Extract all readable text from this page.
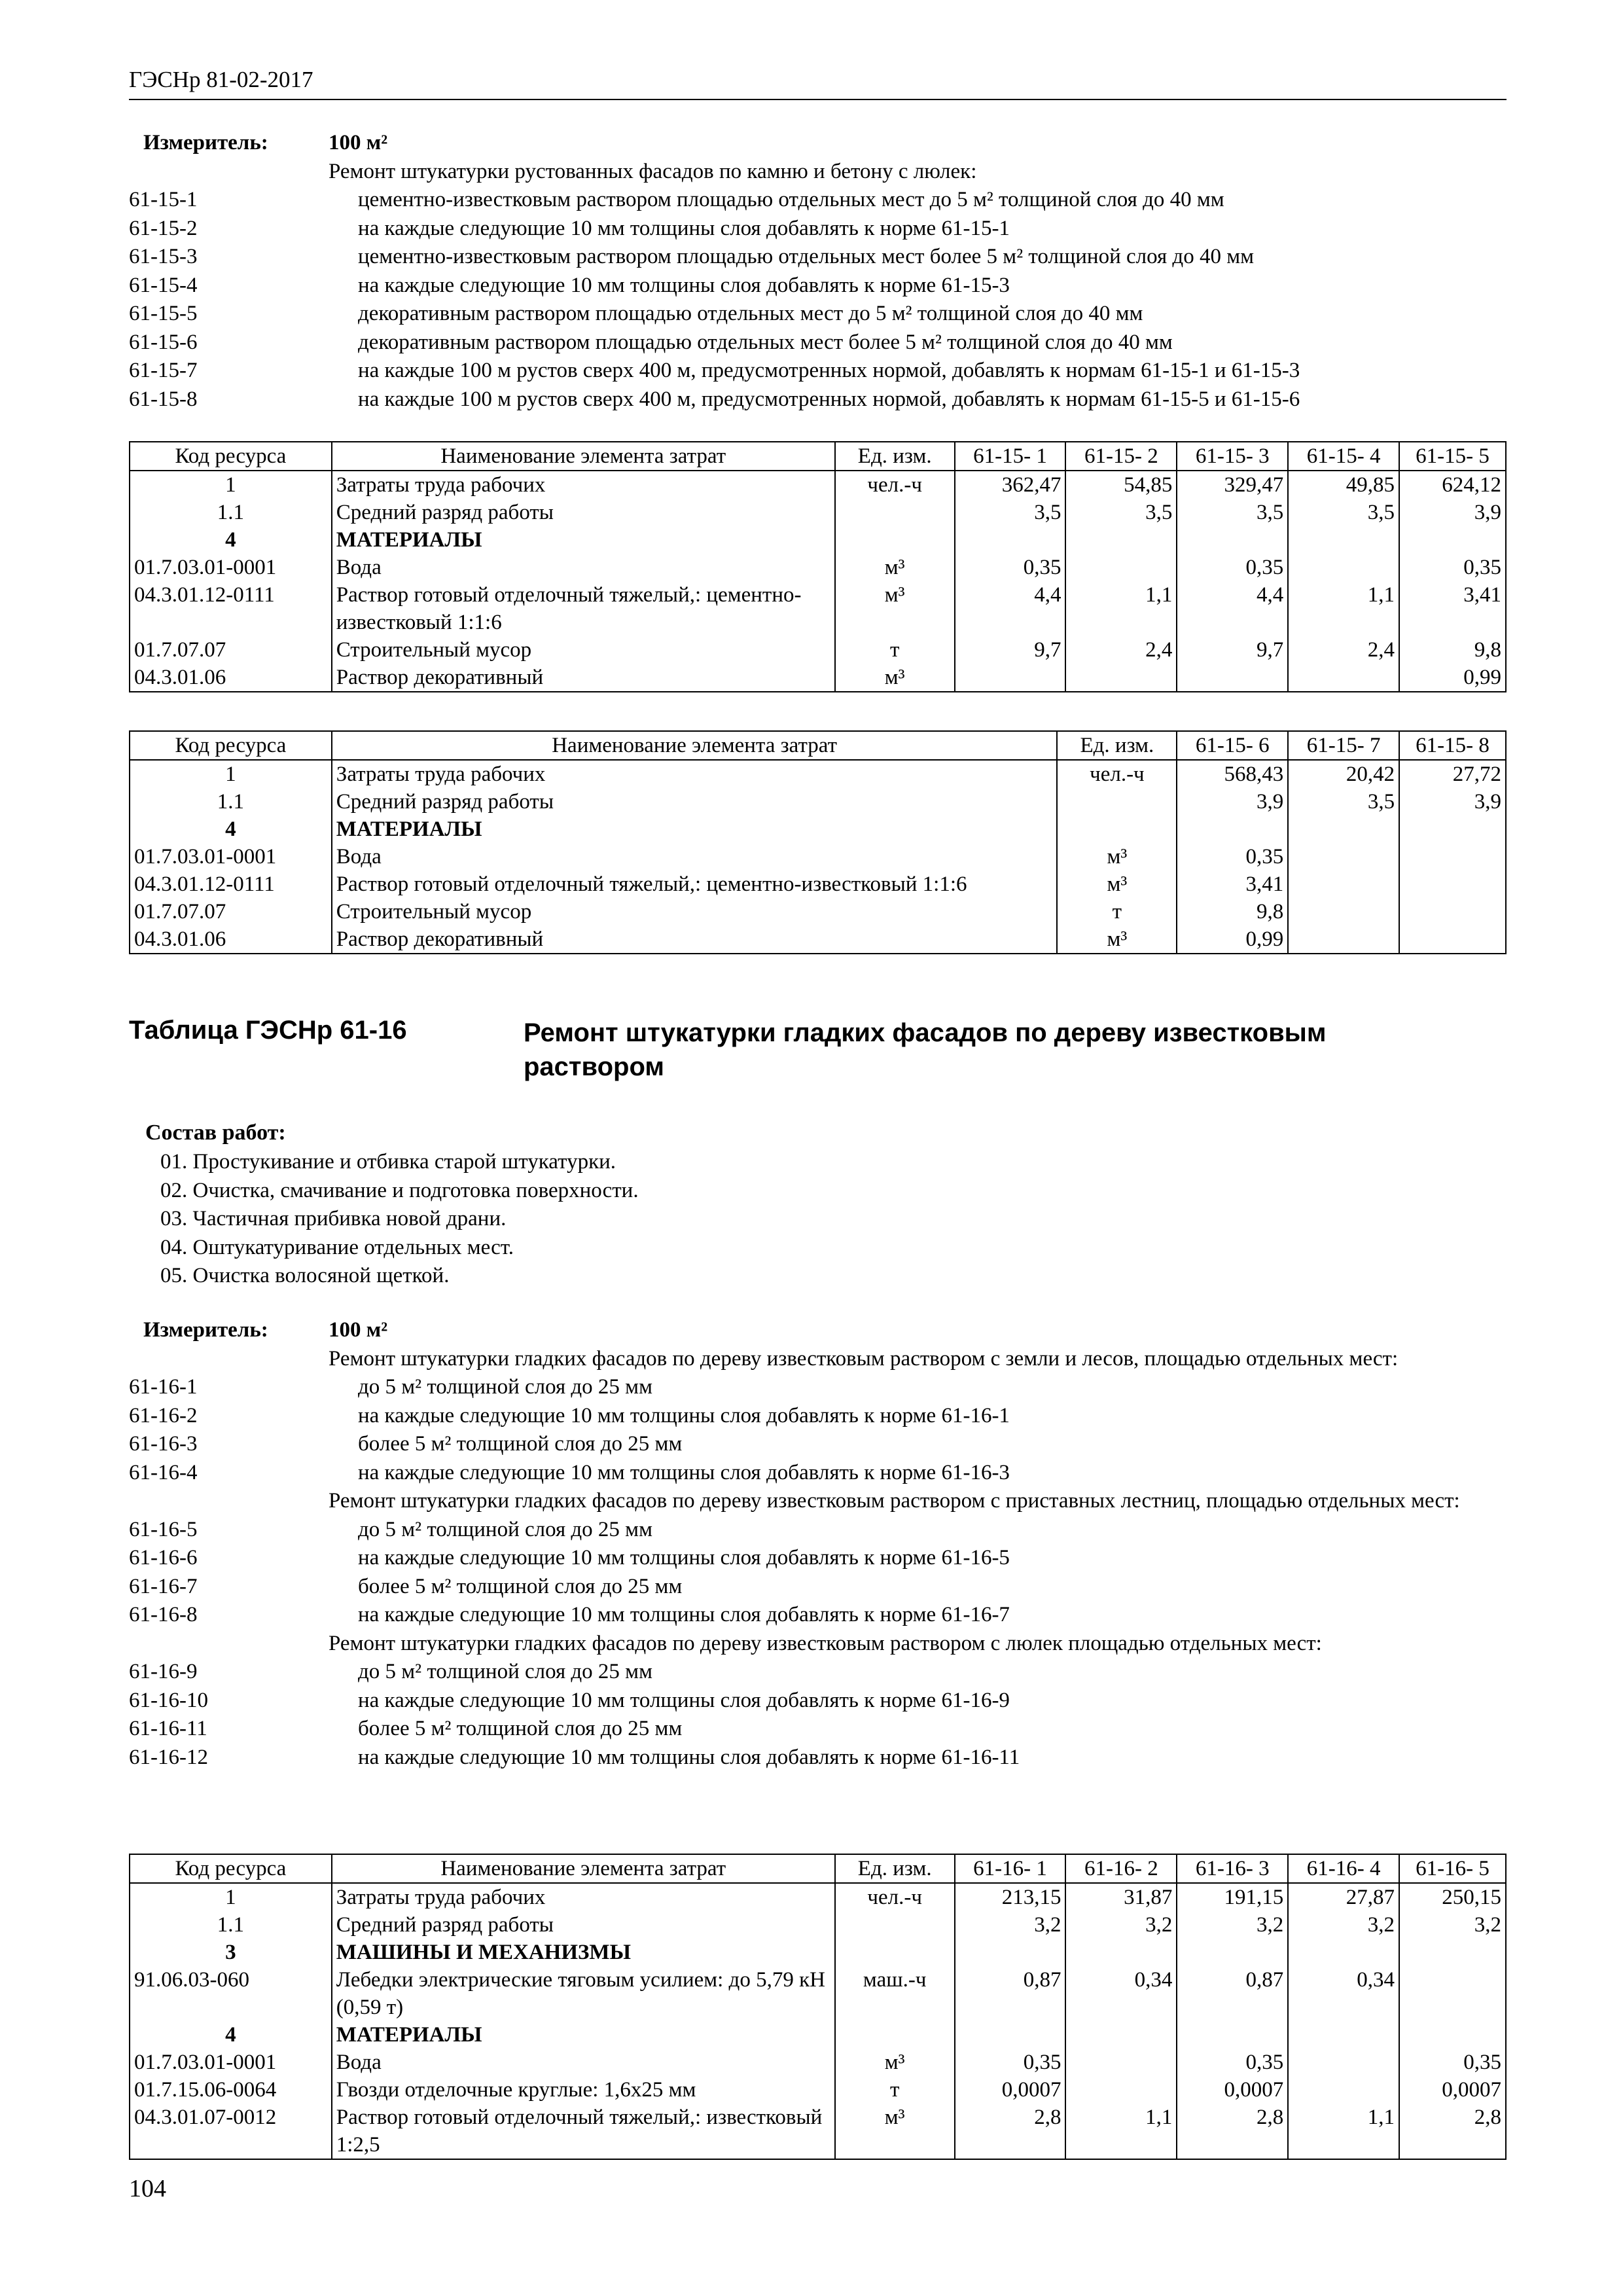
ГЭСНр 81-02-2017
Измеритель:	100 м²
Ремонт штукатурки рустованных фасадов по камню и бетону с люлек:
61-15-1	цементно-известковым раствором площадью отдельных мест до 5 м² толщиной слоя до 40 мм
61-15-2	на каждые следующие 10 мм толщины слоя добавлять к норме 61-15-1
61-15-3	цементно-известковым раствором площадью отдельных мест более 5 м² толщиной слоя до 40 мм
61-15-4	на каждые следующие 10 мм толщины слоя добавлять к норме 61-15-3
61-15-5	декоративным раствором площадью отдельных мест до 5 м² толщиной слоя до 40 мм
61-15-6	декоративным раствором площадью отдельных мест более 5 м² толщиной слоя до 40 мм
61-15-7	на каждые 100 м рустов сверх 400 м, предусмотренных нормой, добавлять к нормам 61-15-1 и 61-15-3
61-15-8	на каждые 100 м рустов сверх 400 м, предусмотренных нормой, добавлять к нормам 61-15-5 и 61-15-6
Код ресурса	Наименование элемента затрат	Ед. изм.	61-15- 1	61-15- 2	61-15- 3	61-15- 4	61-15- 5
1	Затраты труда рабочих	чел.-ч	362,47	54,85	329,47	49,85	624,12
1.1	Средний разряд работы		3,5	3,5	3,5	3,5	3,9
4	МАТЕРИАЛЫ						
01.7.03.01-0001	Вода	м³	0,35		0,35		0,35
04.3.01.12-0111	Раствор готовый отделочный тяжелый,: цементно-известковый 1:1:6	м³	4,4	1,1	4,4	1,1	3,41
01.7.07.07	Строительный мусор	т	9,7	2,4	9,7	2,4	9,8
04.3.01.06	Раствор декоративный	м³					0,99
Код ресурса	Наименование элемента затрат	Ед. изм.	61-15- 6	61-15- 7	61-15- 8
1	Затраты труда рабочих	чел.-ч	568,43	20,42	27,72
1.1	Средний разряд работы		3,9	3,5	3,9
4	МАТЕРИАЛЫ				
01.7.03.01-0001	Вода	м³	0,35		
04.3.01.12-0111	Раствор готовый отделочный тяжелый,: цементно-известковый 1:1:6	м³	3,41		
01.7.07.07	Строительный мусор	т	9,8		
04.3.01.06	Раствор декоративный	м³	0,99		
Таблица ГЭСНр 61-16	Ремонт штукатурки гладких фасадов по дереву известковым раствором
Состав работ:
01. Простукивание и отбивка старой штукатурки.
02. Очистка, смачивание и подготовка поверхности.
03. Частичная прибивка новой драни.
04. Оштукатуривание отдельных мест.
05. Очистка волосяной щеткой.
Измеритель:	100 м²
Ремонт штукатурки гладких фасадов по дереву известковым раствором с земли и лесов, площадью отдельных мест:
61-16-1	до 5 м² толщиной слоя до 25 мм
61-16-2	на каждые следующие 10 мм толщины слоя добавлять к норме 61-16-1
61-16-3	более 5 м² толщиной слоя до 25 мм
61-16-4	на каждые следующие 10 мм толщины слоя добавлять к норме 61-16-3
Ремонт штукатурки гладких фасадов по дереву известковым раствором с приставных лестниц, площадью отдельных мест:
61-16-5	до 5 м² толщиной слоя до 25 мм
61-16-6	на каждые следующие 10 мм толщины слоя добавлять к норме 61-16-5
61-16-7	более 5 м² толщиной слоя до 25 мм
61-16-8	на каждые следующие 10 мм толщины слоя добавлять к норме 61-16-7
Ремонт штукатурки гладких фасадов по дереву известковым раствором с люлек площадью отдельных мест:
61-16-9	до 5 м² толщиной слоя до 25 мм
61-16-10	на каждые следующие 10 мм толщины слоя добавлять к норме 61-16-9
61-16-11	более 5 м² толщиной слоя до 25 мм
61-16-12	на каждые следующие 10 мм толщины слоя добавлять к норме 61-16-11
Код ресурса	Наименование элемента затрат	Ед. изм.	61-16- 1	61-16- 2	61-16- 3	61-16- 4	61-16- 5
1	Затраты труда рабочих	чел.-ч	213,15	31,87	191,15	27,87	250,15
1.1	Средний разряд работы		3,2	3,2	3,2	3,2	3,2
3	МАШИНЫ И МЕХАНИЗМЫ						
91.06.03-060	Лебедки электрические тяговым усилием: до 5,79 кН (0,59 т)	маш.-ч	0,87	0,34	0,87	0,34	
4	МАТЕРИАЛЫ						
01.7.03.01-0001	Вода	м³	0,35		0,35		0,35
01.7.15.06-0064	Гвозди отделочные круглые: 1,6х25 мм	т	0,0007		0,0007		0,0007
04.3.01.07-0012	Раствор готовый отделочный тяжелый,: известковый 1:2,5	м³	2,8	1,1	2,8	1,1	2,8
104
